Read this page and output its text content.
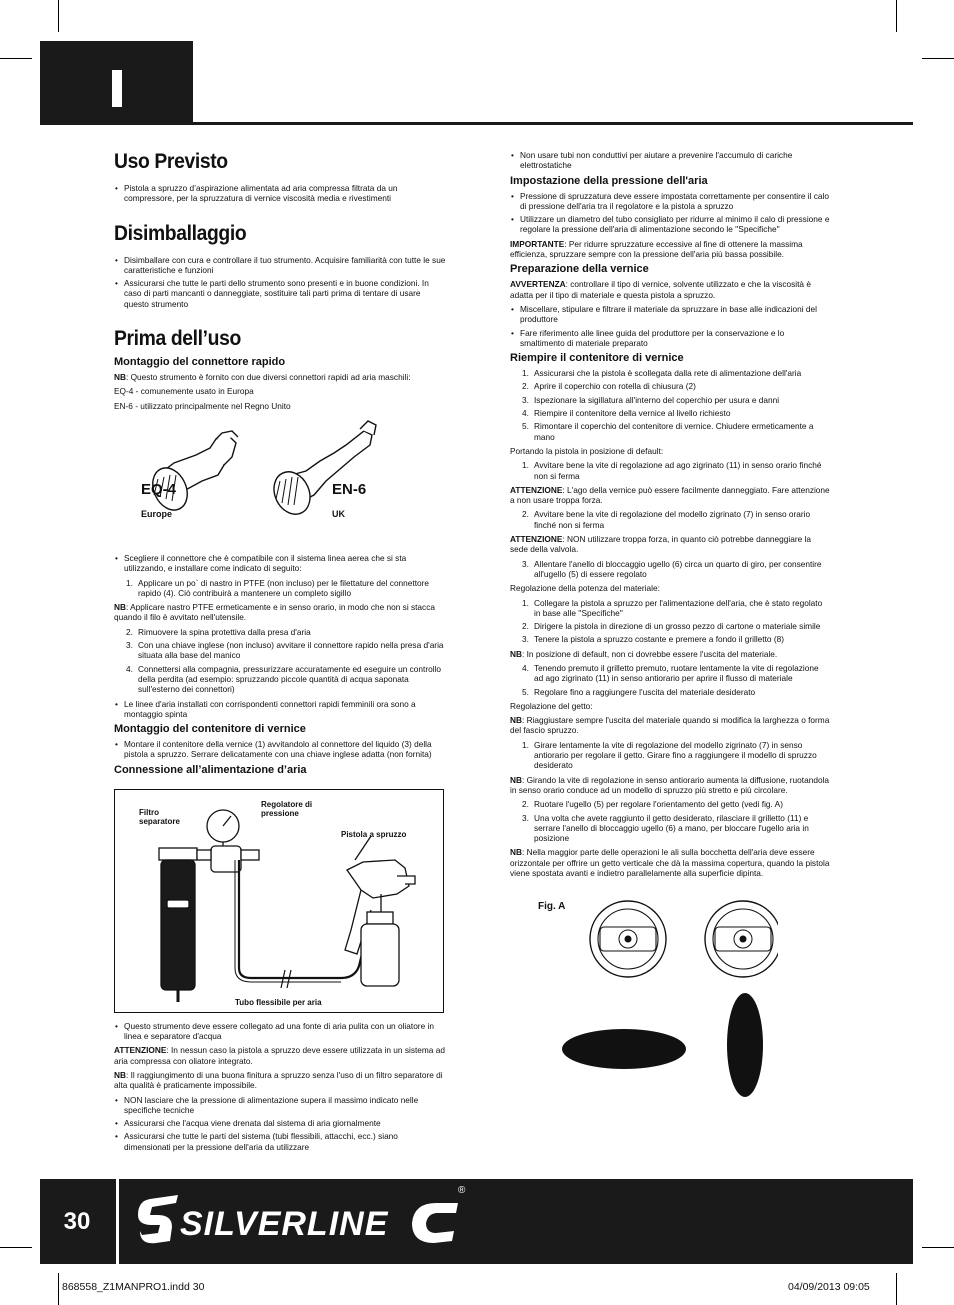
Uso Previsto
• Pistola a spruzzo d’aspirazione alimentata ad aria compressa filtrata da un compressore, per la spruzzatura di vernice viscosità media e rivestimenti
Disimballaggio
• Disimballare con cura e controllare il tuo strumento. Acquisire familiarità con tutte le sue caratteristiche e funzioni
• Assicurarsi che tutte le parti dello strumento sono presenti e in buone condizioni. In caso di parti mancanti o danneggiate, sostituire tali parti prima di tentare di usare questo strumento
Prima dell’uso
Montaggio del connettore rapido

NB: Questo strumento è fornito con due diversi connettori rapidi ad aria maschili:

EQ-4 - comunemente usato in Europa

EN-6 - utilizzato principalmente nel Regno Unito

EQ-4
Europe
EN-6
UK
• Scegliere il connettore che è compatibile con il sistema linea aerea che si sta utilizzando, e installare come indicato di seguito:
1. Applicare un po` di nastro in PTFE (non incluso) per le filettature del connettore rapido (4). Ciò contribuirà a mantenere un completo sigillo

NB: Applicare nastro PTFE ermeticamente e in senso orario, in modo che non si stacca quando il filo è avvitato nell'utensile.

2. Rimuovere la spina protettiva dalla presa d'aria
3. Con una chiave inglese (non incluso) avvitare il connettore rapido nella presa d'aria situata alla base del manico
4. Connettersi alla compagnia, pressurizzare accuratamente ed eseguire un controllo della perdita (ad esempio: spruzzando piccole quantità di acqua saponata sull'esterno dei connettori)
• Le linee d'aria installati con corrispondenti connettori rapidi femminili ora sono a montaggio spinta
Montaggio del contenitore di vernice
• Montare il contenitore della vernice (1) avvitandolo al connettore del liquido (3) della pistola a spruzzo. Serrare delicatamente con una chiave inglese adatta (non fornita)
Connessione all’alimentazione d’aria
Filtro
separatore
Regolatore di
pressione
Pistola a spruzzo
Tubo flessibile per aria
• Questo strumento deve essere collegato ad una fonte di aria pulita con un oliatore in linea e separatore d'acqua

ATTENZIONE: In nessun caso la pistola a spruzzo deve essere utilizzata in un sistema ad aria compressa con oliatore integrato.

NB: Il raggiungimento di una buona finitura a spruzzo senza l'uso di un filtro separatore di alta qualità è praticamente impossibile.

• NON lasciare che la pressione di alimentazione supera il massimo indicato nelle specifiche tecniche
• Assicurarsi che l'acqua viene drenata dal sistema di aria giornalmente
• Assicurarsi che tutte le parti del sistema (tubi flessibili, attacchi, ecc.) siano dimensionati per la pressione dell'aria da utilizzare
• Non usare tubi non conduttivi per aiutare a prevenire l'accumulo di cariche elettrostatiche
Impostazione della pressione dell'aria
• Pressione di spruzzatura deve essere impostata correttamente per consentire il calo di pressione dell'aria tra il regolatore e la pistola a spruzzo
• Utilizzare un diametro del tubo consigliato per ridurre al minimo il calo di pressione e regolare la pressione dell'aria di alimentazione secondo le ''Specifiche''

IMPORTANTE: Per ridurre spruzzature eccessive al fine di ottenere la massima efficienza, spruzzare sempre con la pressione dell'aria più bassa possibile.

Preparazione della vernice

AVVERTENZA: controllare il tipo di vernice, solvente utilizzato e che la viscosità è adatta per il tipo di materiale e questa pistola a spruzzo.

• Miscellare, stipulare e filtrare il materiale da spruzzare in base alle indicazioni del produttore
• Fare riferimento alle linee guida del produttore per la conservazione e lo smaltimento di materiale preparato
Riempire il contenitore di vernice
1. Assicurarsi che la pistola è scollegata dalla rete di alimentazione dell'aria
2. Aprire il coperchio con rotella di chiusura (2)
3. Ispezionare la sigillatura all'interno del coperchio per usura e danni
4. Riempire il contenitore della vernice al livello richiesto
5. Rimontare il coperchio del contenitore di vernice. Chiudere ermeticamente a mano

Portando la pistola in posizione di default:

1. Avvitare bene la vite di regolazione ad ago zigrinato (11) in senso orario finché non si ferma

ATTENZIONE: L'ago della vernice può essere facilmente danneggiato. Fare attenzione a non usare troppa forza.

2. Avvitare bene la vite di regolazione del modello zigrinato (7) in senso orario finché non si ferma

ATTENZIONE: NON utilizzare troppa forza, in quanto ciò potrebbe danneggiare la sede della valvola.

3. Allentare l'anello di bloccaggio ugello (6) circa un quarto di giro, per consentire all'ugello (5) di essere regolato

Regolazione della potenza del materiale:

1. Collegare la pistola a spruzzo per l'alimentazione dell'aria, che è stato regolato in base alle ''Specifiche''
2. Dirigere la pistola in direzione di un grosso pezzo di cartone o materiale simile
3. Tenere la pistola a spruzzo costante e premere a fondo il grilletto (8)

NB: In posizione di default, non ci dovrebbe essere l'uscita del materiale.

4. Tenendo premuto il grilletto premuto, ruotare lentamente la vite di regolazione ad ago zigrinato (11) in senso antiorario per aprire il flusso di materiale
5. Regolare fino a raggiungere l'uscita del materiale desiderato

Regolazione del getto:

NB: Riaggiustare sempre l'uscita del materiale quando si modifica la larghezza o forma del fascio spruzzo.

1. Girare lentamente la vite di regolazione del modello zigrinato (7) in senso antiorario per regolare il getto. Girare fino a raggiungere il modello di spruzzo desiderato

NB: Girando la vite di regolazione in senso antiorario aumenta la diffusione, ruotandola in senso orario conduce ad un modello di spruzzo più stretto e più circolare.

2. Ruotare l'ugello (5) per regolare l'orientamento del getto (vedi fig. A)
3. Una volta che avete raggiunto il getto desiderato, rilasciare il grilletto (11) e serrare l'anello di bloccaggio ugello (6) a mano, per bloccare l'ugello aria in posizione

NB: Nella maggior parte delle operazioni le ali sulla bocchetta dell'aria deve essere orizzontale per offrire un getto verticale che dà la massima copertura, quando la pistola viene spostata avanti e indietro parallelamente alla superficie dipinta.

Fig. A
30	SILVERLINE
®
868558_Z1MANPRO1.indd 30	04/09/2013 09:05
